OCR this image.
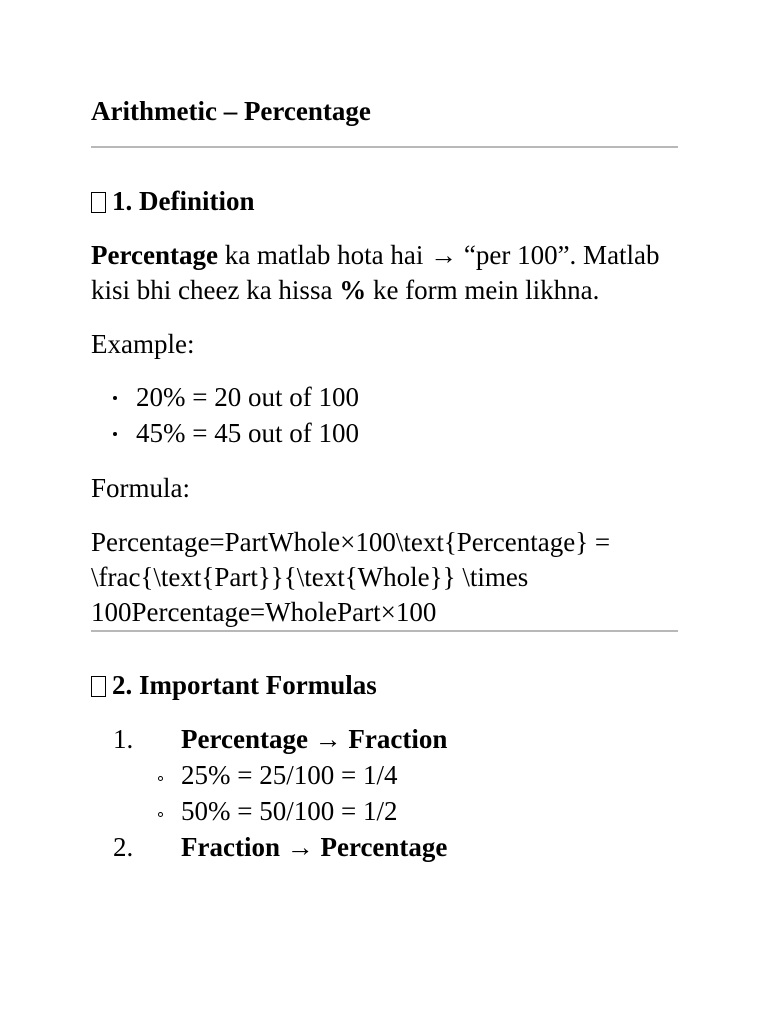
Arithmetic – Percentage
1. Definition

Percentage ka matlab hota hai → “per 100”. Matlab kisi bhi cheez ka hissa % ke form mein likhna.

Example:

20% = 20 out of 100
45% = 45 out of 100

Formula:

Percentage=PartWhole×100\text{Percentage} = \frac{\text{Part}}{\text{Whole}} \times 100Percentage=WholePart×100

2. Important Formulas
1. Percentage → Fraction
25% = 25/100 = 1/4
50% = 50/100 = 1/2
2. Fraction → Percentage
